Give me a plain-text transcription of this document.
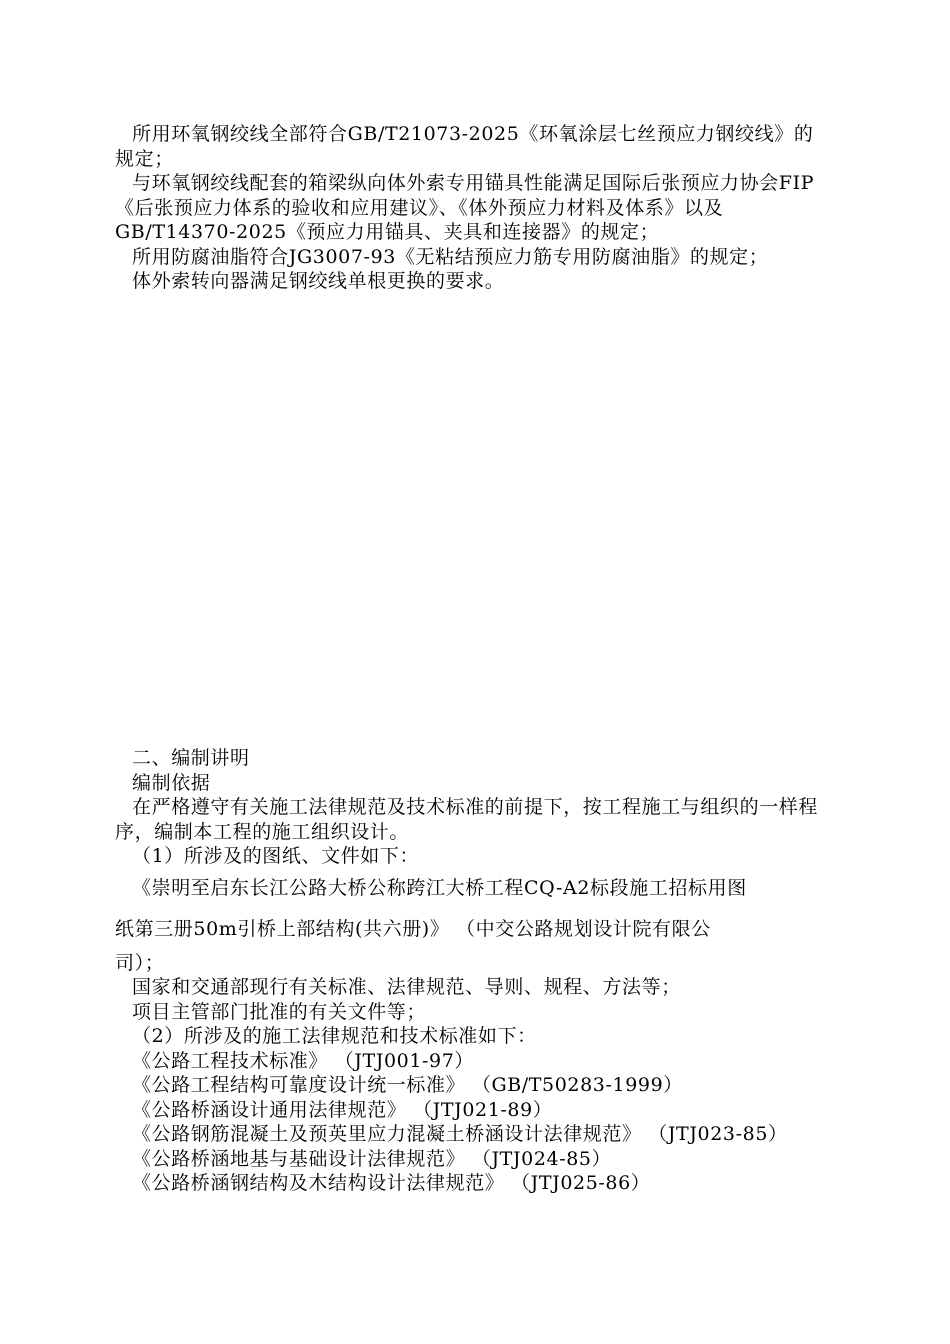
所用环氧钢绞线全部符合GB/T21073-2025《环氧涂层七丝预应力钢绞线》的规定；

与环氧钢绞线配套的箱梁纵向体外索专用锚具性能满足国际后张预应力协会FIP《后张预应力体系的验收和应用建议》、《体外预应力材料及体系》以及GB/T14370-2025《预应力用锚具、夹具和连接器》的规定；

所用防腐油脂符合JG3007-93《无粘结预应力筋专用防腐油脂》的规定；

体外索转向器满足钢绞线单根更换的要求。

二、编制讲明

编制依据

在严格遵守有关施工法律规范及技术标准的前提下，按工程施工与组织的一样程序，编制本工程的施工组织设计。

（1）所涉及的图纸、文件如下：

《崇明至启东长江公路大桥公称跨江大桥工程CQ-A2标段施工招标用图

纸第三册50m引桥上部结构(共六册)》 （中交公路规划设计院有限公

司）；

国家和交通部现行有关标准、法律规范、导则、规程、方法等；

项目主管部门批准的有关文件等；

（2）所涉及的施工法律规范和技术标准如下：

《公路工程技术标准》 （JTJ001-97）

《公路工程结构可靠度设计统一标准》 （GB/T50283-1999）

《公路桥涵设计通用法律规范》 （JTJ021-89）

《公路钢筋混凝土及预英里应力混凝土桥涵设计法律规范》 （JTJ023-85）

《公路桥涵地基与基础设计法律规范》 （JTJ024-85）

《公路桥涵钢结构及木结构设计法律规范》 （JTJ025-86）
